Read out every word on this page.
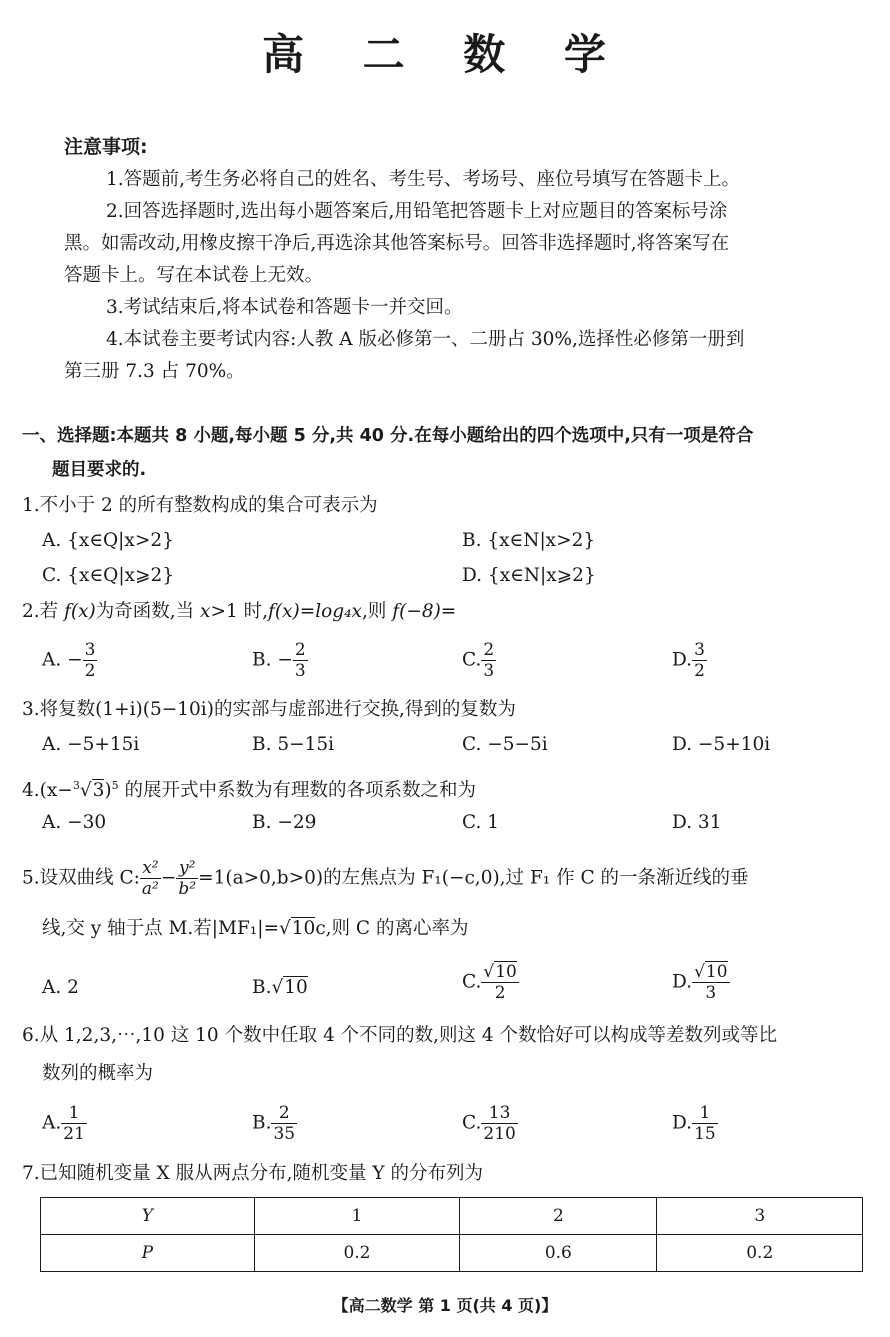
高 二 数 学
注意事项:
1.答题前,考生务必将自己的姓名、考生号、考场号、座位号填写在答题卡上。
2.回答选择题时,选出每小题答案后,用铅笔把答题卡上对应题目的答案标号涂
黑。如需改动,用橡皮擦干净后,再选涂其他答案标号。回答非选择题时,将答案写在
答题卡上。写在本试卷上无效。
3.考试结束后,将本试卷和答题卡一并交回。
4.本试卷主要考试内容:人教 A 版必修第一、二册占 30%,选择性必修第一册到
第三册 7.3 占 70%。
一、选择题:本题共 8 小题,每小题 5 分,共 40 分.在每小题给出的四个选项中,只有一项是符合
题目要求的.
1.不小于 2 的所有整数构成的集合可表示为
A. {x∈Q|x>2}	B. {x∈N|x>2}
C. {x∈Q|x⩾2}	D. {x∈N|x⩾2}
2.若 f(x)为奇函数,当 x>1 时,f(x)=log₄x,则 f(−8)=
A. − $\frac{3}{2}$	B. − $\frac{2}{3}$	C. $\frac{2}{3}$	D. $\frac{3}{2}$
3.将复数(1+i)(5−10i)的实部与虚部进行交换,得到的复数为
A. −5+15i	B. 5−15i	C. −5−5i	D. −5+10i
$4.(x-^3√3)^5$ 的展开式中系数为有理数的各项系数之和为
A. −30	B. −29	C. 1	D. 31
5.设双曲线 C: $\frac{\text{x²}}{\text{a²}} - \frac{\text{y²}}{\text{b²}} =1(a>0,b>0)$的左焦点为 F₁(−c,0),过 F₁ 作 C 的一条渐近线的垂
线,交 y 轴于点 M.若|MF₁|=√10c,则 C 的离心率为
A. 2	B.√10	C. $\frac{√10}{2}$	D. $\frac{√10}{3}$
6.从 1,2,3,⋯,10 这 10 个数中任取 4 个不同的数,则这 4 个数恰好可以构成等差数列或等比
数列的概率为
A. $\frac{1}{21}$	B. $\frac{2}{35}$	C. $\frac{13}{210}$	D. $\frac{1}{15}$
7.已知随机变量 X 服从两点分布,随机变量 Y 的分布列为
Y	1	2	3
P	0.2	0.6	0.2
【高二数学 第 1 页(共 4 页)】
